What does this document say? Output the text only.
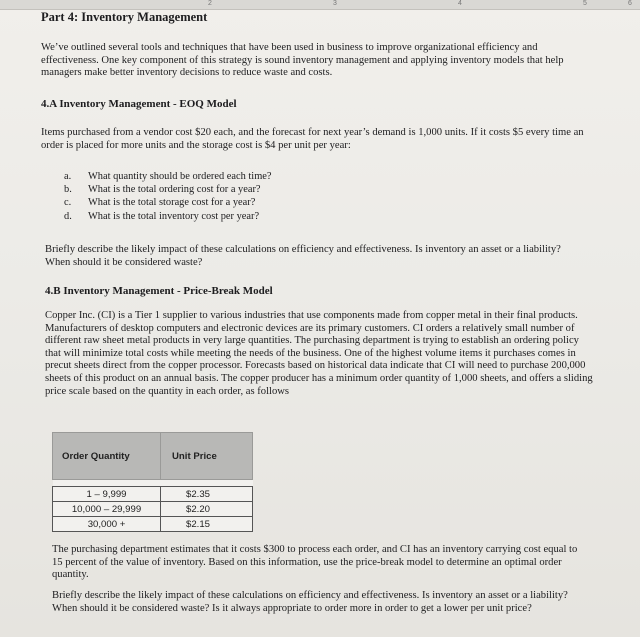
2	3	4	5	6
Part 4: Inventory Management

We’ve outlined several tools and techniques that have been used in business to improve organizational efficiency and effectiveness. One key component of this strategy is sound inventory management and applying inventory models that help managers make better inventory decisions to reduce waste and costs.

4.A Inventory Management - EOQ Model

Items purchased from a vendor cost $20 each, and the forecast for next year’s demand is 1,000 units. If it costs $5 every time an order is placed for more units and the storage cost is $4 per unit per year:

a. What quantity should be ordered each time?
b. What is the total ordering cost for a year?
c. What is the total storage cost for a year?
d. What is the total inventory cost per year?

Briefly describe the likely impact of these calculations on efficiency and effectiveness. Is inventory an asset or a liability? When should it be considered waste?

4.B Inventory Management - Price-Break Model

Copper Inc. (CI) is a Tier 1 supplier to various industries that use components made from copper metal in their final products. Manufacturers of desktop computers and electronic devices are its primary customers. CI orders a relatively small number of different raw sheet metal products in very large quantities. The purchasing department is trying to establish an ordering policy that will minimize total costs while meeting the needs of the business. One of the highest volume items it purchases comes in precut sheets direct from the copper processor. Forecasts based on historical data indicate that CI will need to purchase 200,000 sheets of this product on an annual basis. The copper producer has a minimum order quantity of 1,000 sheets, and offers a sliding price scale based on the quantity in each order, as follows

Order Quantity	Unit Price

1 – 9,999	$2.35
10,000 – 29,999	$2.20
30,000 +	$2.15

The purchasing department estimates that it costs $300 to process each order, and CI has an inventory carrying cost equal to 15 percent of the value of inventory. Based on this information, use the price-break model to determine an optimal order quantity.

Briefly describe the likely impact of these calculations on efficiency and effectiveness. Is inventory an asset or a liability? When should it be considered waste? Is it always appropriate to order more in order to get a lower per unit price?
